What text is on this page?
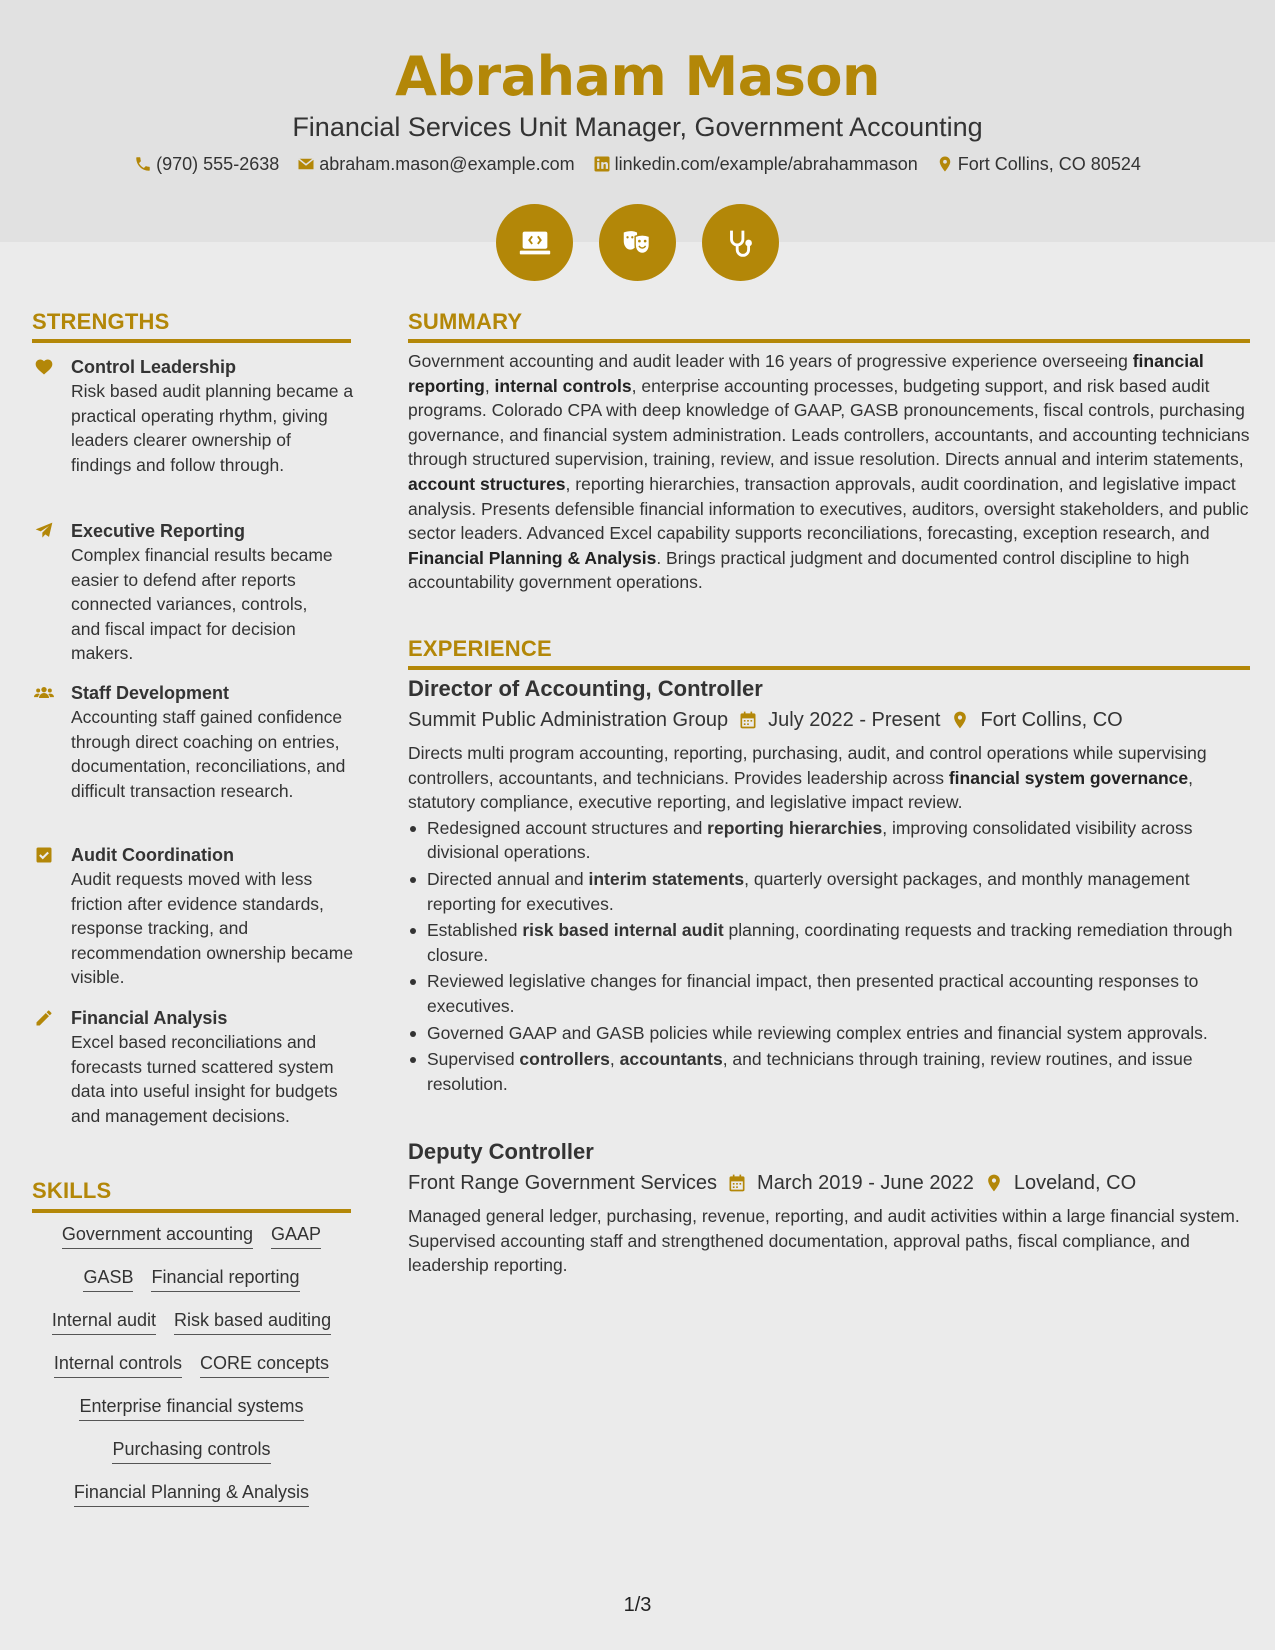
Abraham Mason
Financial Services Unit Manager, Government Accounting
(970) 555-2638 abraham.mason@example.com linkedin.com/example/abrahammason Fort Collins, CO 80524
STRENGTHS
Control Leadership
Risk based audit planning became a practical operating rhythm, giving leaders clearer ownership of findings and follow through.
Executive Reporting
Complex financial results became easier to defend after reports connected variances, controls, and fiscal impact for decision makers.
Staff Development
Accounting staff gained confidence through direct coaching on entries, documentation, reconciliations, and difficult transaction research.
Audit Coordination
Audit requests moved with less friction after evidence standards, response tracking, and recommendation ownership became visible.
Financial Analysis
Excel based reconciliations and forecasts turned scattered system data into useful insight for budgets and management decisions.
SKILLS
Government accounting GAAP
GASB Financial reporting
Internal audit Risk based auditing
Internal controls CORE concepts
Enterprise financial systems
Purchasing controls
Financial Planning & Analysis
SUMMARY
Government accounting and audit leader with 16 years of progressive experience overseeing financial reporting, internal controls, enterprise accounting processes, budgeting support, and risk based audit programs. Colorado CPA with deep knowledge of GAAP, GASB pronouncements, fiscal controls, purchasing governance, and financial system administration. Leads controllers, accountants, and accounting technicians through structured supervision, training, review, and issue resolution. Directs annual and interim statements, account structures, reporting hierarchies, transaction approvals, audit coordination, and legislative impact analysis. Presents defensible financial information to executives, auditors, oversight stakeholders, and public sector leaders. Advanced Excel capability supports reconciliations, forecasting, exception research, and Financial Planning & Analysis. Brings practical judgment and documented control discipline to high accountability government operations.
EXPERIENCE
Director of Accounting, Controller
Summit Public Administration Group July 2022 - Present Fort Collins, CO
Directs multi program accounting, reporting, purchasing, audit, and control operations while supervising controllers, accountants, and technicians. Provides leadership across financial system governance, statutory compliance, executive reporting, and legislative impact review.
Redesigned account structures and reporting hierarchies, improving consolidated visibility across divisional operations.
Directed annual and interim statements, quarterly oversight packages, and monthly management reporting for executives.
Established risk based internal audit planning, coordinating requests and tracking remediation through closure.
Reviewed legislative changes for financial impact, then presented practical accounting responses to executives.
Governed GAAP and GASB policies while reviewing complex entries and financial system approvals.
Supervised controllers, accountants, and technicians through training, review routines, and issue resolution.
Deputy Controller
Front Range Government Services March 2019 - June 2022 Loveland, CO
Managed general ledger, purchasing, revenue, reporting, and audit activities within a large financial system. Supervised accounting staff and strengthened documentation, approval paths, fiscal compliance, and leadership reporting.
1/3
